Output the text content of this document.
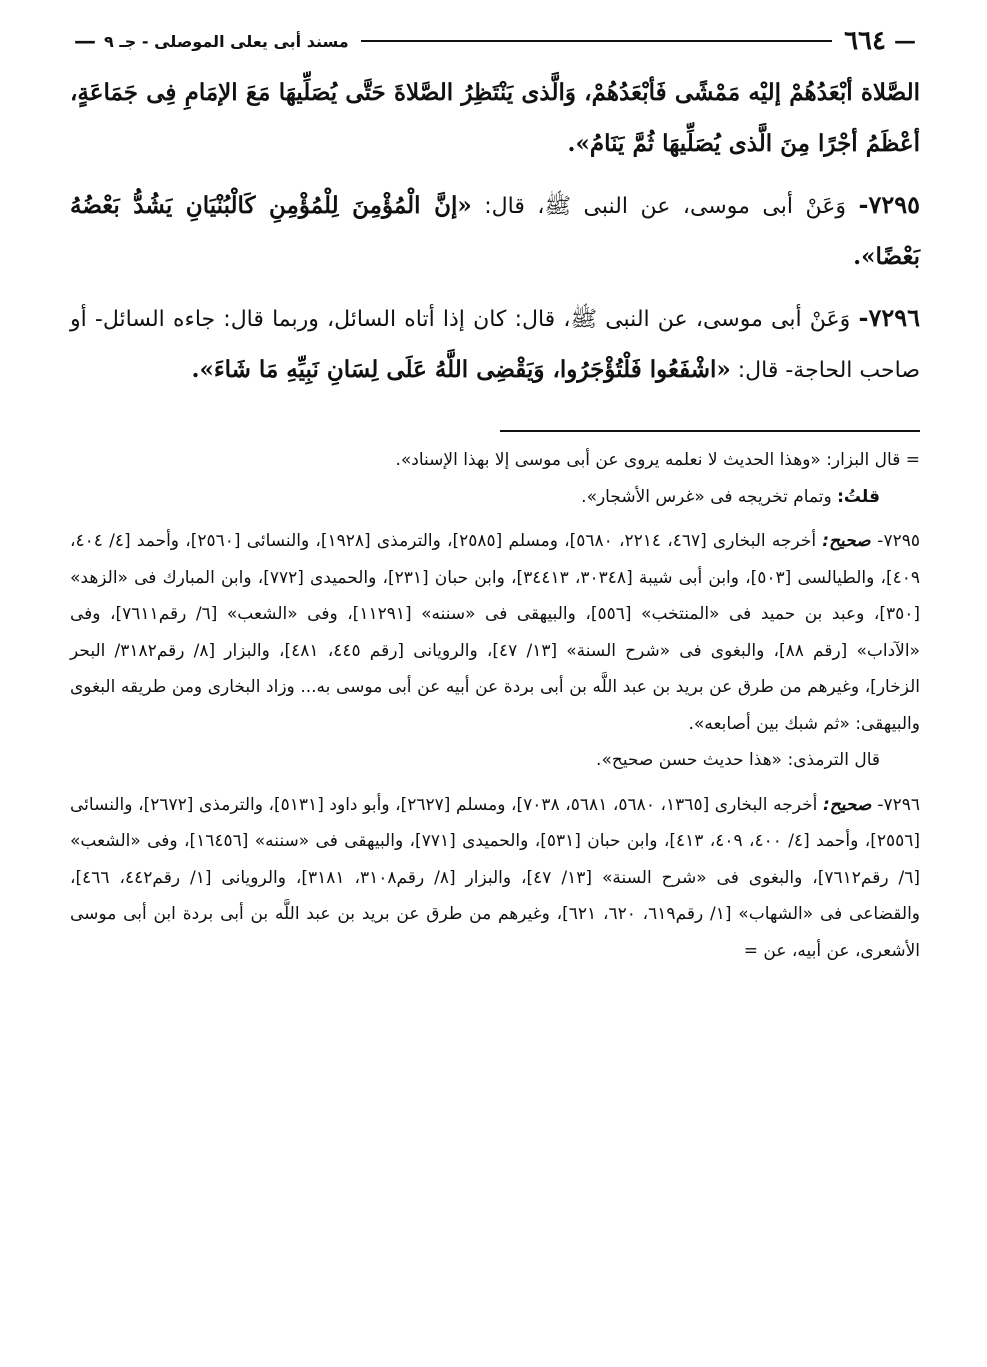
—
٦٦٤
مسند أبى يعلى الموصلى - جـ ٩
—

الصَّلاة أبْعَدُهُمْ إليْه مَمْشًى فَأبْعَدُهُمْ، وَالَّذى يَنْتَظِرُ الصَّلاةَ حَتَّى يُصَلِّيهَا مَعَ الإمَامِ فِى جَمَاعَةٍ، أعْظَمُ أجْرًا مِنَ الَّذى يُصَلِّيهَا ثُمَّ يَنَامُ».

٧٢٩٥- وَعَنْ أبى موسى، عن النبى ﷺ، قال: «إنَّ الْمُؤْمِنَ لِلْمُؤْمِنِ كَالْبُنْيَانِ يَشُدُّ بَعْضُهُ بَعْضًا».

٧٢٩٦- وَعَنْ أبى موسى، عن النبى ﷺ، قال: كان إذا أتاه السائل، وربما قال: جاءه السائل- أو صاحب الحاجة- قال: «اشْفَعُوا فَلْتُؤْجَرُوا، وَيَقْضِى اللَّهُ عَلَى لِسَانِ نَبِيِّهِ مَا شَاءَ».

= قال البزار: «وهذا الحديث لا نعلمه يروى عن أبى موسى إلا بهذا الإسناد».

قلتُ: وتمام تخريجه فى «غرس الأشجار».

٧٢٩٥- صحيح: أخرجه البخارى [٤٦٧، ٢٢١٤، ٥٦٨٠]، ومسلم [٢٥٨٥]، والترمذى [١٩٢٨]، والنسائى [٢٥٦٠]، وأحمد [٤/ ٤٠٤، ٤٠٩]، والطيالسى [٥٠٣]، وابن أبى شيبة [٣٠٣٤٨، ٣٤٤١٣]، وابن حبان [٢٣١]، والحميدى [٧٧٢]، وابن المبارك فى «الزهد» [٣٥٠]، وعبد بن حميد فى «المنتخب» [٥٥٦]، والبيهقى فى «سننه» [١١٢٩١]، وفى «الشعب» [٦/ رقم٧٦١١]، وفى «الآداب» [رقم ٨٨]، والبغوى فى «شرح السنة» [١٣/ ٤٧]، والرويانى [رقم ٤٤٥، ٤٨١]، والبزار [٨/ رقم٣١٨٢/ البحر الزخار]، وغيرهم من طرق عن بريد بن عبد اللَّه بن أبى بردة عن أبيه عن أبى موسى به... وزاد البخارى ومن طريقه البغوى والبيهقى: «ثم شبك بين أصابعه».

قال الترمذى: «هذا حديث حسن صحيح».

٧٢٩٦- صحيح: أخرجه البخارى [١٣٦٥، ٥٦٨٠، ٥٦٨١، ٧٠٣٨]، ومسلم [٢٦٢٧]، وأبو داود [٥١٣١]، والترمذى [٢٦٧٢]، والنسائى [٢٥٥٦]، وأحمد [٤/ ٤٠٠، ٤٠٩، ٤١٣]، وابن حبان [٥٣١]، والحميدى [٧٧١]، والبيهقى فى «سننه» [١٦٤٥٦]، وفى «الشعب» [٦/ رقم٧٦١٢]، والبغوى فى «شرح السنة» [١٣/ ٤٧]، والبزار [٨/ رقم٣١٠٨، ٣١٨١]، والرويانى [١/ رقم٤٤٢، ٤٦٦]، والقضاعى فى «الشهاب» [١/ رقم٦١٩، ٦٢٠، ٦٢١]، وغيرهم من طرق عن بريد بن عبد اللَّه بن أبى بردة ابن أبى موسى الأشعرى، عن أبيه، عن =
